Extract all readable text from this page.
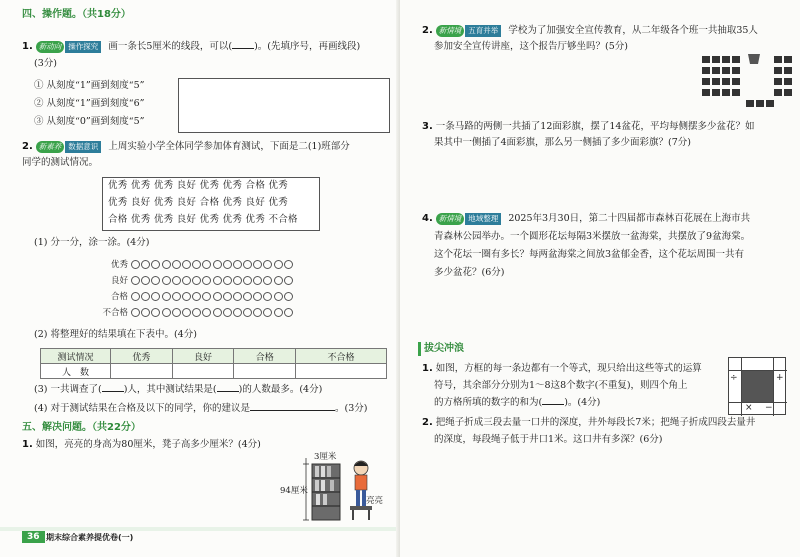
四、操作题。（共18分）
1. 新动向 操作探究 画一条长5厘米的线段，可以( )。(先填序号，再画线段)
(3分)
① 从刻度“1”画到刻度“5”
② 从刻度“1”画到刻度“6”
③ 从刻度“0”画到刻度“5”
2. 新素养 数据意识 上周实验小学全体同学参加体育测试，下面是二(1)班部分
同学的测试情况。
优秀 优秀 优秀 良好 优秀 优秀 合格 优秀
优秀 良好 优秀 良好 合格 优秀 良好 优秀
合格 优秀 优秀 良好 优秀 优秀 优秀 不合格
(1) 分一分，涂一涂。(4分)
优秀
良好
合格
不合格
(2) 将整理好的结果填在下表中。(4分)
测试情况	优秀	良好	合格	不合格
人　数				
(3) 一共调查了( )人，其中测试结果是( )的人数最多。(4分)
(4) 对于测试结果在合格及以下的同学，你的建议是	。(3分)
五、解决问题。（共22分）
1. 如图，亮亮的身高为80厘米，凳子高多少厘米？(4分)
3厘米
94厘米
亮亮
36 期末综合素养提优卷(一)
2. 新情境 五育并举 学校为了加强安全宣传教育，从二年级各个班一共抽取35人
参加安全宣传讲座，这个报告厅够坐吗？(5分)
3. 一条马路的两侧一共插了12面彩旗，摆了14盆花，平均每侧摆多少盆花？如
果其中一侧插了4面彩旗，那么另一侧插了多少面彩旗？(7分)
4. 新情境 地域整理 2025年3月30日，第二十四届都市森林百花展在上海市共
青森林公园举办。一个圆形花坛每隔3米摆放一盆海棠，共摆放了9盆海棠。
这个花坛一圈有多长？每两盆海棠之间放3盆郁金香，这个花坛周围一共有
多少盆花？(6分)
拔尖冲浪
1. 如图，方框的每一条边都有一个等式，现只给出这些等式的运算
符号，其余部分分别为1～8这8个数字(不重复)，则四个角上
的方格所填的数字的和为( )。(4分)
÷	+
× −
2. 把绳子折成三段去量一口井的深度，井外每段长7米；把绳子折成四段去量井
的深度，每段绳子低于井口1米。这口井有多深？(6分)
